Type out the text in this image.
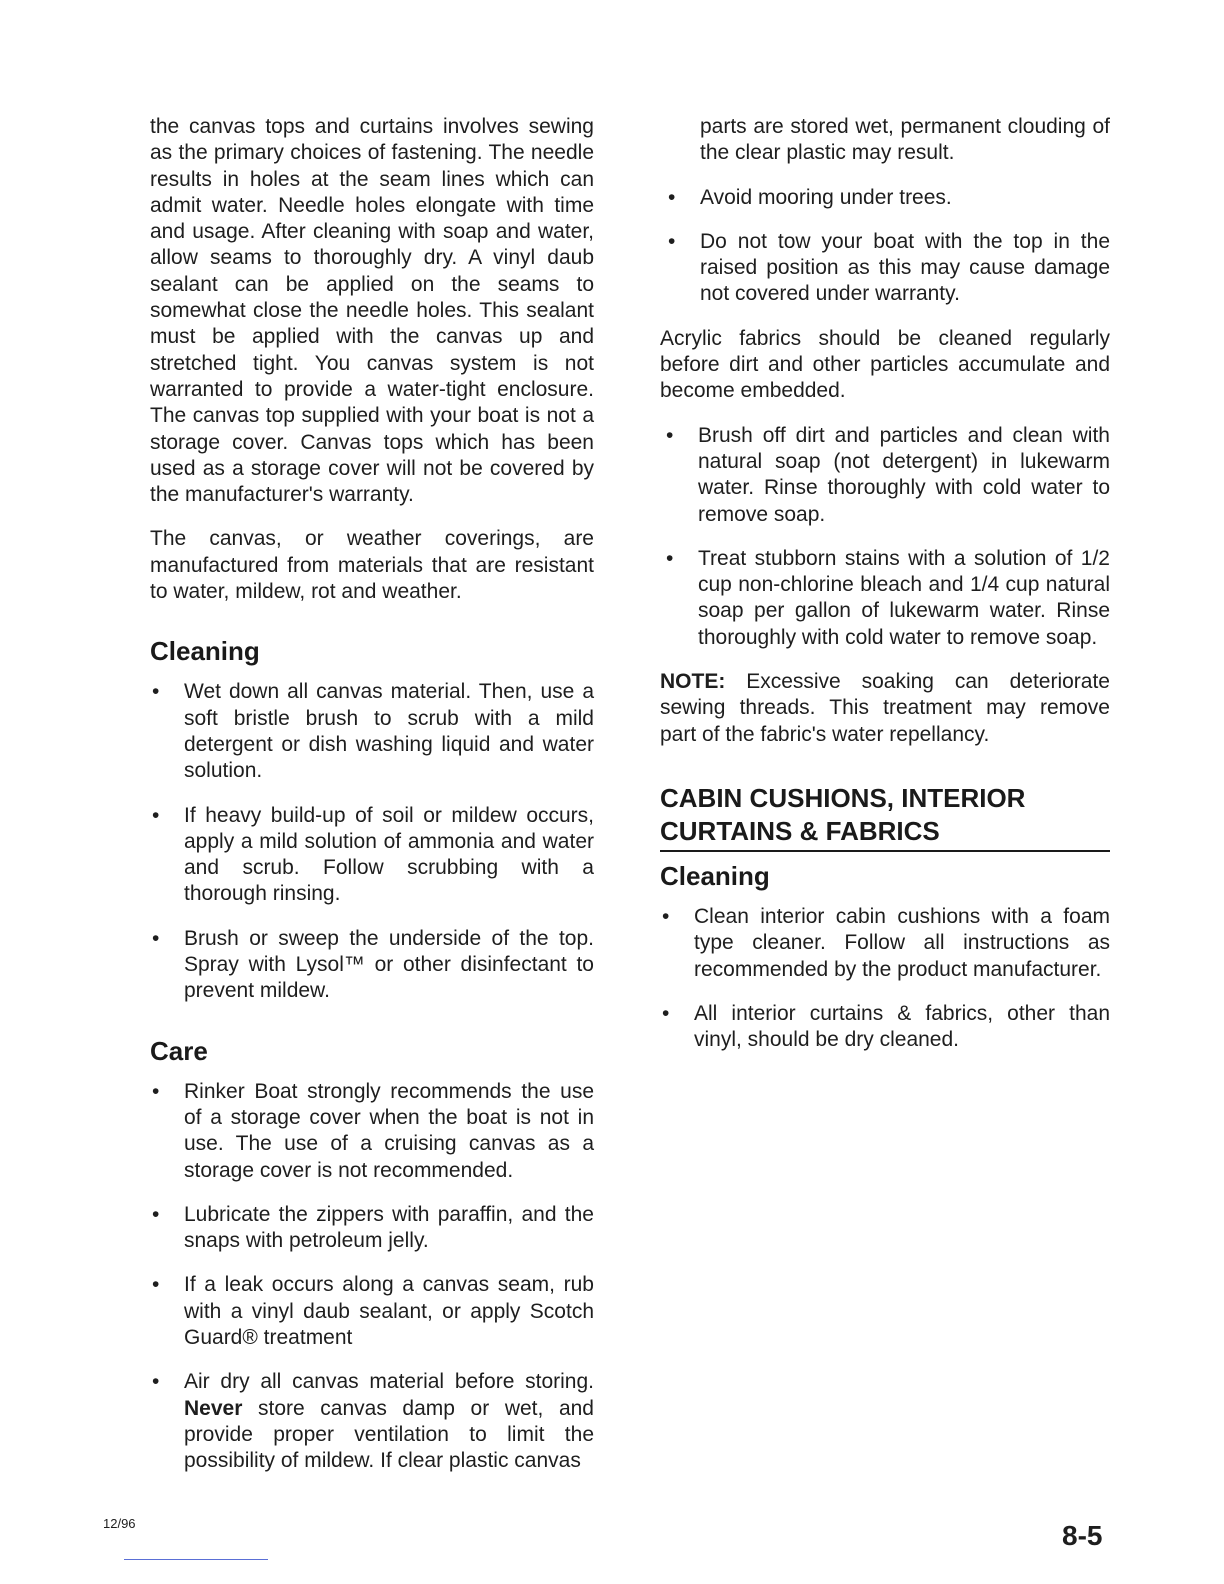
the canvas tops and curtains involves sewing as the primary choices of fastening. The needle results in holes at the seam lines which can admit water. Needle holes elongate with time and usage. After cleaning with soap and water, allow seams to thoroughly dry. A vinyl daub sealant can be applied on the seams to somewhat close the needle holes. This sealant must be applied with the canvas up and stretched tight. You canvas system is not warranted to provide a water-tight enclosure. The canvas top supplied with your boat is not a storage cover. Canvas tops which has been used as a storage cover will not be covered by the manufacturer's warranty.

The canvas, or weather coverings, are manufactured from materials that are resistant to water, mildew, rot and weather.

Cleaning
• Wet down all canvas material. Then, use a soft bristle brush to scrub with a mild detergent or dish washing liquid and water solution.

• If heavy build-up of soil or mildew occurs, apply a mild solution of ammonia and water and scrub. Follow scrubbing with a thorough rinsing.

• Brush or sweep the underside of the top. Spray with Lysol™ or other disinfectant to prevent mildew.

Care
• Rinker Boat strongly recommends the use of a storage cover when the boat is not in use. The use of a cruising canvas as a storage cover is not recommended.

• Lubricate the zippers with paraffin, and the snaps with petroleum jelly.

• If a leak occurs along a canvas seam, rub with a vinyl daub sealant, or apply Scotch Guard® treatment

• Air dry all canvas material before storing. Never store canvas damp or wet, and provide proper ventilation to limit the possibility of mildew. If clear plastic canvas

parts are stored wet, permanent clouding of the clear plastic may result.

• Avoid mooring under trees.

• Do not tow your boat with the top in the raised position as this may cause damage not covered under warranty.

Acrylic fabrics should be cleaned regularly before dirt and other particles accumulate and become embedded.

• Brush off dirt and particles and clean with natural soap (not detergent) in lukewarm water. Rinse thoroughly with cold water to remove soap.

• Treat stubborn stains with a solution of 1/2 cup non-chlorine bleach and 1/4 cup natural soap per gallon of lukewarm water. Rinse thoroughly with cold water to remove soap.

NOTE: Excessive soaking can deteriorate sewing threads. This treatment may remove part of the fabric's water repellancy.

CABIN CUSHIONS, INTERIOR
CURTAINS & FABRICS
Cleaning
• Clean interior cabin cushions with a foam type cleaner. Follow all instructions as recommended by the product manufacturer.

• All interior curtains & fabrics, other than vinyl, should be dry cleaned.

12/96	8-5
